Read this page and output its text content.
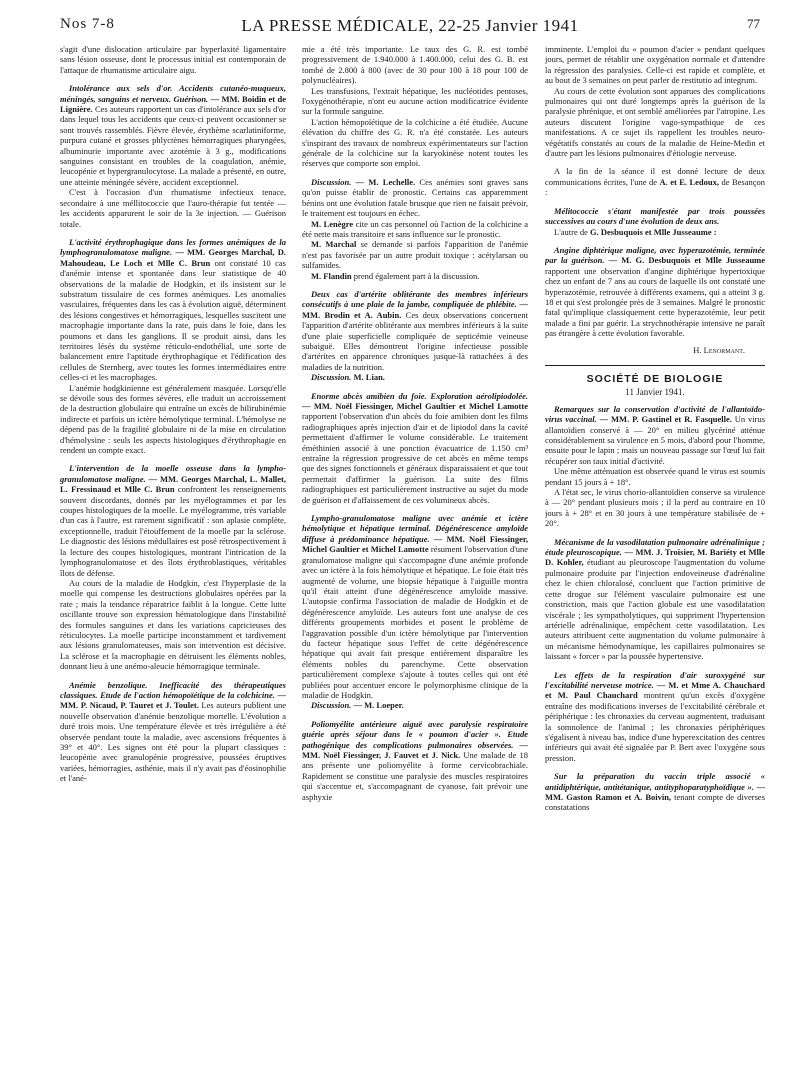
Nos 7-8	LA PRESSE MÉDICALE, 22-25 Janvier 1941	77

s'agit d'une dislocation articulaire par hyperlaxité ligamentaire sans lésion osseuse, dont le processus initial est contemporain de l'attaque de rhumatisme articulaire aigu.

Intolérance aux sels d'or. Accidents cutanéo-muqueux, méningés, sanguins et nerveux. Guérison. — MM. Boidin et de Lignière. Ces auteurs rapportent un cas d'intolérance aux sels d'or dans lequel tous les accidents que ceux-ci peuvent occasionner se sont trouvés rassemblés. Fièvre élevée, érythème scarlatiniforme, purpura cutané et grosses phlyctènes hémorragiques pharyngées, albuminurie importante avec azotémie à 3 g., modifications sanguines consistant en troubles de la coagulation, anémie, leucopénie et hypergranulocytose. La malade a présenté, en outre, une atteinte méningée sévère, accident exceptionnel.

C'est à l'occasion d'un rhumatisme infectieux tenace, secondaire à une méllitococcie que l'auro-thérapie fut tentée — les accidents apparurent le soir de la 3e injection. — Guérison totale.

L'activité érythrophagique dans les formes anémiques de la lymphogranulomatose maligne. — MM. Georges Marchal, D. Mahoudeau, Le Loch et Mlle C. Brun ont constaté 10 cas d'anémie intense et spontanée dans leur statistique de 40 observations de la maladie de Hodgkin, et ils insistent sur le substratum tissulaire de ces formes anémiques. Les anomalies vasculaires, fréquentes dans les cas à évolution aiguë, déterminent des lésions congestives et hémorragiques, lesquelles suscitent une macrophagie importante dans la rate, puis dans le foie, dans les poumons et dans les ganglions. Il se produit ainsi, dans les territoires lésés du système réticulo-endothélial, une sorte de balancement entre l'aptitude érythrophagique et l'édification des cellules de Sternberg, avec toutes les formes intermédiaires entre celles-ci et les macrophages.

L'anémie hodgkinienne est généralement masquée. Lorsqu'elle se dévoile sous des formes sévères, elle traduit un accroissement de la destruction globulaire qui entraîne un excès de bilirubinémie indirecte et parfois un ictère hémolytique terminal. L'hémolyse ne dépend pas de la fragilité globulaire ni de la mise en circulation d'hémolysine : seuls les aspects histologiques d'érythrophagie en rendent un compte exact.

L'intervention de la moelle osseuse dans la lympho-granulomatose maligne. — MM. Georges Marchal, L. Mallet, L. Fressinaud et Mlle C. Brun confrontent les renseignements souvent discordants, donnés par les myélogrammes et par les coupes histologiques de la moelle. Le myélogramme, très variable d'un cas à l'autre, est rarement significatif : son aplasie complète, exceptionnelle, traduit l'étouffement de la moelle par la sclérose. Le diagnostic des lésions médullaires est posé rétrospectivement à la lecture des coupes histologiques, montrant l'intrication de la lymphogranulomatose et des îlots érythroblastiques, véritables îlots de défense.

Au cours de la maladie de Hodgkin, c'est l'hyperplasie de la moelle qui compense les destructions globulaires opérées par la rate ; mais la tendance réparatrice faiblit à la longue. Cette lutte oscillante trouve son expression hématologique dans l'instabilité des formules sanguines et dans les variations capricieuses des réticulocytes. La moelle participe inconstamment et tardivement aux lésions granulomateuses, mais son intervention est décisive. La sclérose et la macrophagie en détruisent les éléments nobles, donnant lieu à une anémo-aleucie hémorragique terminale.

Anémie benzolique. Inefficacité des thérapeutiques classiques. Etude de l'action hémopoïétique de la colchicine. — MM. P. Nicaud, P. Tauret et J. Toulet. Les auteurs publient une nouvelle observation d'anémie benzolique mortelle. L'évolution a duré trois mois. Une température élevée et très irrégulière a été observée pendant toute la maladie, avec ascensions fréquentes à 39° et 40°. Les signes ont été pour la plupart classiques : leucopénie avec granulopénie progressive, poussées éruptives variées, hémorragies, asthénie, mais il n'y avait pas d'éosinophilie et l'ané-

mie a été très importante. Le taux des G. R. est tombé progressivement de 1.940.000 à 1.400.000, celui des G. B. est tombé de 2.800 à 800 (avec de 30 pour 100 à 18 pour 100 de polynucléaires).

Les transfusions, l'extrait hépatique, les nucléotides pentoses, l'oxygénothérapie, n'ont eu aucune action modificatrice évidente sur la formule sanguine.

L'action hémopoïétique de la colchicine a été étudiée. Aucune élévation du chiffre des G. R. n'a été constatée. Les auteurs s'inspirant des travaux de nombreux expérimentateurs sur l'action générale de la colchicine sur la karyokinèse notent toutes les réserves que comporte son emploi.

Discussion. — M. Lechelle. Ces anémies sont graves sans qu'on puisse établir de pronostic. Certains cas apparemment bénins ont une évolution fatale brusque que rien ne faisait prévoir, le traitement est toujours en échec.

M. Lenègre cite un cas personnel où l'action de la colchicine a été nette mais transitoire et sans influence sur le pronostic.

M. Marchal se demande si parfois l'apparition de l'anémie n'est pas favorisée par un autre produit toxique : acétylarsan ou sulfamides.

M. Flandin prend également part à la discussion.

Deux cas d'artérite oblitérante des membres inférieurs consécutifs à une plaie de la jambe, compliquée de phlébite. — MM. Brodin et A. Aubin. Ces deux observations concernent l'apparition d'artérite oblitérante aux membres inférieurs à la suite d'une plaie superficielle compliquée de septicémie veineuse subaiguë. Elles démontrent l'origine infectieuse possible d'artérites en apparence chroniques jusque-là rattachées à des maladies de la nutrition.

Discussion. M. Lian.

Enorme abcès amibien du foie. Exploration aérolipiodolée. — MM. Noël Fiessinger, Michel Gaultier et Michel Lamotte rapportent l'observation d'un abcès du foie amibien dont les films radiographiques après injection d'air et de lipiodol dans la cavité permettaient d'affirmer le volume considérable. Le traitement éméthinien associé à une ponction évacuatrice de 1.150 cm³ entraîne la régression progressive de cet abcès en même temps que des signes fonctionnels et généraux disparaissaient et que tout permettait d'affirmer la guérison. La suite des films radiographiques est particulièrement instructive au sujet du mode de guérison et d'affaissement de ces volumineux abcès.

Lympho-granulomatose maligne avec anémie et ictère hémolytique et hépatique terminal. Dégénérescence amyloïde diffuse à prédominance hépatique. — MM. Noël Fiessinger, Michel Gaultier et Michel Lamotte résument l'observation d'une granulomatose maligne qui s'accompagne d'une anémie profonde avec un ictère à la fois hémolytique et hépatique. Le foie était très augmenté de volume, une biopsie hépatique à l'aiguille montra qu'il était atteint d'une dégénérescence amyloïde massive. L'autopsie confirma l'association de maladie de Hodgkin et de dégénérescence amyloïde. Les auteurs font une analyse de ces différents groupements morbides et posent le problème de l'aggravation possible d'un ictère hémolytique par l'intervention du facteur hépatique sous l'effet de cette dégénérescence hépatique qui avait fait presque entièrement disparaître les éléments nobles du parenchyme. Cette observation particulièrement complexe s'ajoute à toutes celles qui ont été publiées pour accentuer encore le polymorphisme clinique de la maladie de Hodgkin.

Discussion. — M. Loeper.

Poliomyélite antérieure aiguë avec paralysie respiratoire guérie après séjour dans le « poumon d'acier ». Etude pathogénique des complications pulmonaires observées. — MM. Noël Fiessinger, J. Fauvet et J. Nick. Une malade de 18 ans présente une poliomyélite à forme cervicobrachiale. Rapidement se constitue une paralysie des muscles respiratoires qui s'accentue et, s'accompagnant de cyanose, fait prévoir une asphyxie

imminente. L'emploi du « poumon d'acier » pendant quelques jours, permet de rétablir une oxygénation normale et d'attendre la régression des paralysies. Celle-ci est rapide et complète, et au bout de 3 semaines on peut parler de restitutio ad integrum.

Au cours de cette évolution sont apparues des complications pulmonaires qui ont duré longtemps après la guérison de la paralysie phrénique, et ont semblé améliorées par l'atropine. Les auteurs discutent l'origine vago-sympathique de ces manifestations. A ce sujet ils rappellent les troubles neuro-végétatifs constatés au cours de la maladie de Heine-Medin et d'autre part les lésions pulmonaires d'étiologie nerveuse.

A la fin de la séance il est donné lecture de deux communications écrites, l'une de A. et E. Ledoux, de Besançon :

Mélitococcie s'étant manifestée par trois poussées successives au cours d'une évolution de deux ans.

L'autre de G. Desbuquois et Mlle Jusseaume :

Angine diphtérique maligne, avec hyperazotémie, terminée par la guérison. — M. G. Desbuquois et Mlle Jusseaume rapportent une observation d'angine diphtérique hypertoxique chez un enfant de 7 ans au cours de laquelle ils ont constaté une hyperazotémie, retrouvée à différents examens, qui a atteint 3 g. 18 et qui s'est prolongée près de 3 semaines. Malgré le pronostic fatal qu'implique classiquement cette hyperazotémie, leur petit malade a fini par guérir. La strychnothérapie intensive ne paraît pas étrangère à cette évolution favorable.

H. Lenormant.
SOCIÉTÉ DE BIOLOGIE
11 Janvier 1941.

Remarques sur la conservation d'activité de l'allantoïdo-virus vaccinal. — MM. P. Gastinel et R. Fasquelle. Un virus allantoïdien conservé à — 20° en milieu glycériné atténue considérablement sa virulence en 5 mois, d'abord pour l'homme, ensuite pour le lapin ; mais un nouveau passage sur l'œuf lui fait récupérer son taux initial d'activité.

Une même atténuation est observée quand le virus est soumis pendant 15 jours à + 18°.

A l'état sec, le virus chorio-allantoïdien conserve sa virulence à — 20° pendant plusieurs mois ; il la perd au contraire en 10 jours à + 28° et en 30 jours à une température stabilisée de + 20°.

Mécanisme de la vasodilatation pulmonaire adrénalinique ; étude pleuroscopique. — MM. J. Troisier, M. Bariéty et Mlle D. Kohler, étudiant au pleuroscope l'augmentation du volume pulmonaire produite par l'injection endoveineuse d'adrénaline chez le chien chloralosé, concluent que l'action primitive de cette drogue sur l'élément vasculaire pulmonaire est une constriction, mais que l'action globale est une vasodilatation viscérale ; les sympatholytiques, qui suppriment l'hypertension artérielle adrénalinique, empêchent cette vasodilatation. Les auteurs attribuent cette augmentation du volume pulmonaire à un mécanisme hémodynamique, les capillaires pulmonaires se laissant « forcer » par la poussée hypertensive.

Les effets de la respiration d'air suroxygéné sur l'excitabilité nerveuse motrice. — M. et Mme A. Chauchard et M. Paul Chauchard montrent qu'un excès d'oxygène entraîne des modifications inverses de l'excitabilité cérébrale et périphérique : les chronaxies du cerveau augmentent, traduisant la somnolence de l'animal ; les chronaxies périphériques s'égalisent à niveau bas, indice d'une hyperexcitation des centres inférieurs qui avait été signalée par P. Bert avec l'oxygène sous pression.

Sur la préparation du vaccin triple associé « antidiphtérique, antitétanique, antityphoparatyphoïdique ». — MM. Gaston Ramon et A. Boivin, tenant compte de diverses constatations
